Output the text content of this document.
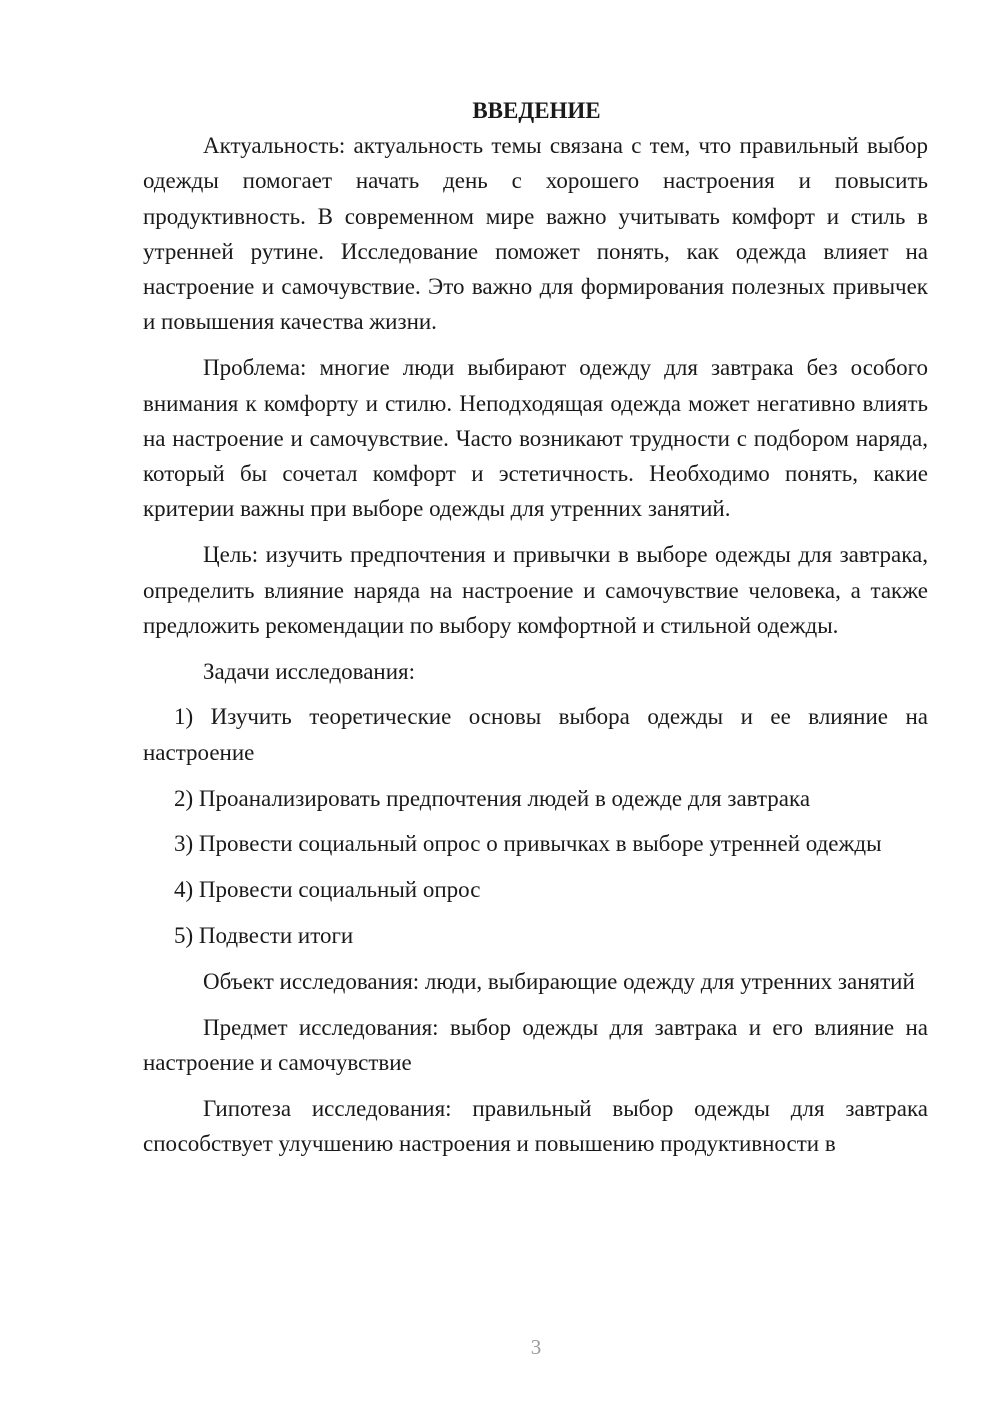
ВВЕДЕНИЕ

Актуальность: актуальность темы связана с тем, что правильный выбор одежды помогает начать день с хорошего настроения и повысить продуктивность. В современном мире важно учитывать комфорт и стиль в утренней рутине. Исследование поможет понять, как одежда влияет на настроение и самочувствие. Это важно для формирования полезных привычек и повышения качества жизни.

Проблема: многие люди выбирают одежду для завтрака без особого внимания к комфорту и стилю. Неподходящая одежда может негативно влиять на настроение и самочувствие. Часто возникают трудности с подбором наряда, который бы сочетал комфорт и эстетичность. Необходимо понять, какие критерии важны при выборе одежды для утренних занятий.

Цель: изучить предпочтения и привычки в выборе одежды для завтрака, определить влияние наряда на настроение и самочувствие человека, а также предложить рекомендации по выбору комфортной и стильной одежды.

Задачи исследования:

1) Изучить теоретические основы выбора одежды и ее влияние на настроение

2) Проанализировать предпочтения людей в одежде для завтрака

3) Провести социальный опрос о привычках в выборе утренней одежды

4) Провести социальный опрос

5) Подвести итоги

Объект исследования: люди, выбирающие одежду для утренних занятий

Предмет исследования: выбор одежды для завтрака и его влияние на настроение и самочувствие

Гипотеза исследования: правильный выбор одежды для завтрака способствует улучшению настроения и повышению продуктивности в

3
